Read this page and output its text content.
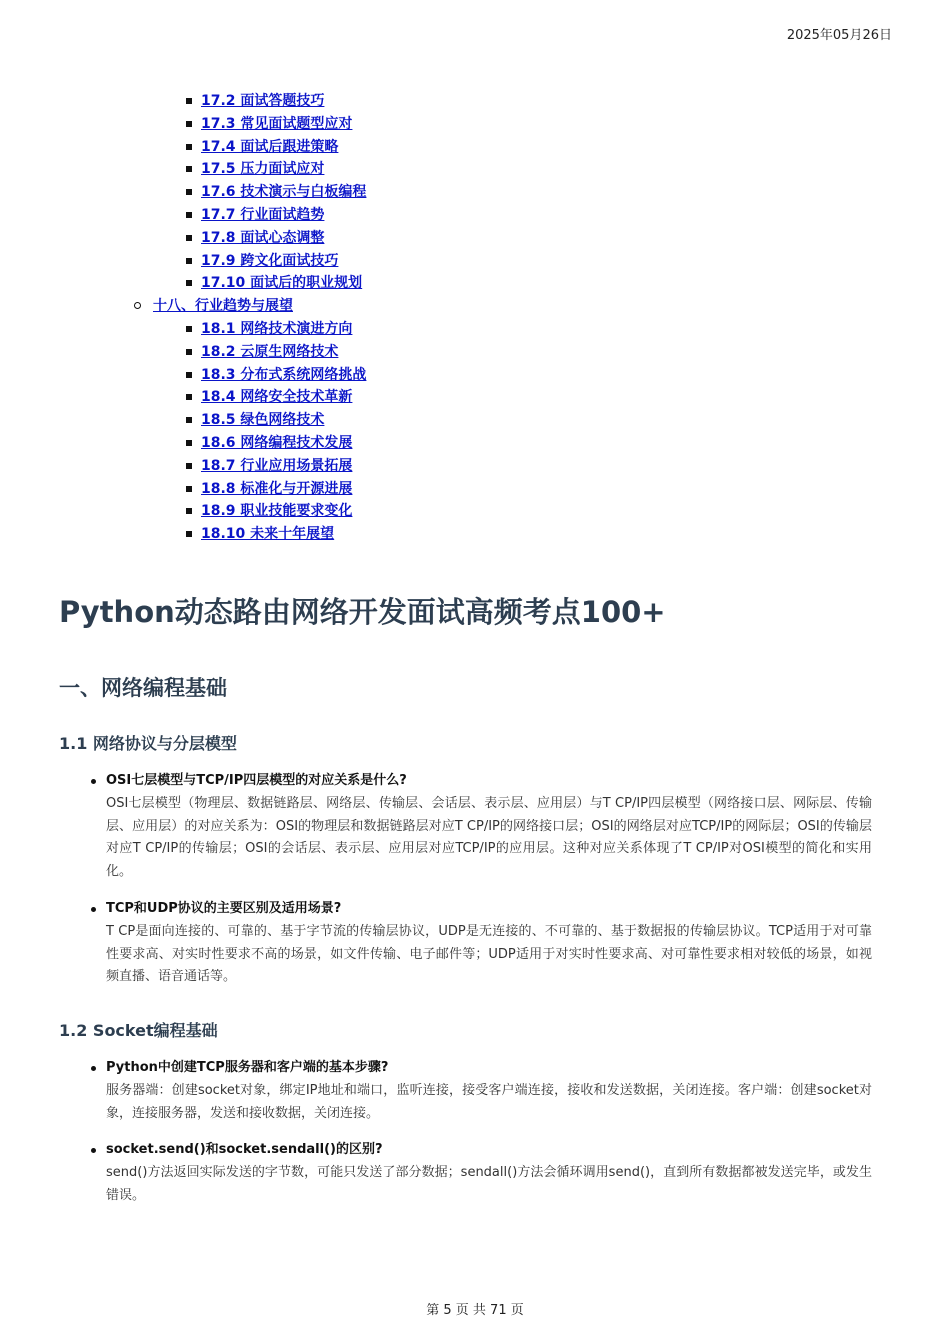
2025年05月26日
17.2 面试答题技巧
17.3 常见面试题型应对
17.4 面试后跟进策略
17.5 压力面试应对
17.6 技术演示与白板编程
17.7 行业面试趋势
17.8 面试心态调整
17.9 跨文化面试技巧
17.10 面试后的职业规划
十八、行业趋势与展望
18.1 网络技术演进方向
18.2 云原生网络技术
18.3 分布式系统网络挑战
18.4 网络安全技术革新
18.5 绿色网络技术
18.6 网络编程技术发展
18.7 行业应用场景拓展
18.8 标准化与开源进展
18.9 职业技能要求变化
18.10 未来十年展望
Python动态路由网络开发面试高频考点100+
一、网络编程基础
1.1 网络协议与分层模型
OSI七层模型与TCP/IP四层模型的对应关系是什么?
OSI七层模型（物理层、数据链路层、网络层、传输层、会话层、表示层、应用层）与T CP/IP四层模型（网络接口层、网际层、传输层、应用层）的对应关系为：OSI的物理层和数据链路层对应T CP/IP的网络接口层；OSI的网络层对应TCP/IP的网际层；OSI的传输层对应T CP/IP的传输层；OSI的会话层、表示层、应用层对应TCP/IP的应用层。这种对应关系体现了T CP/IP对OSI模型的简化和实用化。
TCP和UDP协议的主要区别及适用场景?
T CP是面向连接的、可靠的、基于字节流的传输层协议，UDP是无连接的、不可靠的、基于数据报的传输层协议。TCP适用于对可靠性要求高、对实时性要求不高的场景，如文件传输、电子邮件等；UDP适用于对实时性要求高、对可靠性要求相对较低的场景，如视频直播、语音通话等。
1.2 Socket编程基础
Python中创建TCP服务器和客户端的基本步骤?
服务器端：创建socket对象，绑定IP地址和端口，监听连接，接受客户端连接，接收和发送数据，关闭连接。客户端：创建socket对象，连接服务器，发送和接收数据，关闭连接。
socket.send()和socket.sendall()的区别?
send()方法返回实际发送的字节数，可能只发送了部分数据；sendall()方法会循环调用send()，直到所有数据都被发送完毕，或发生错误。
第 5 页 共 71 页
